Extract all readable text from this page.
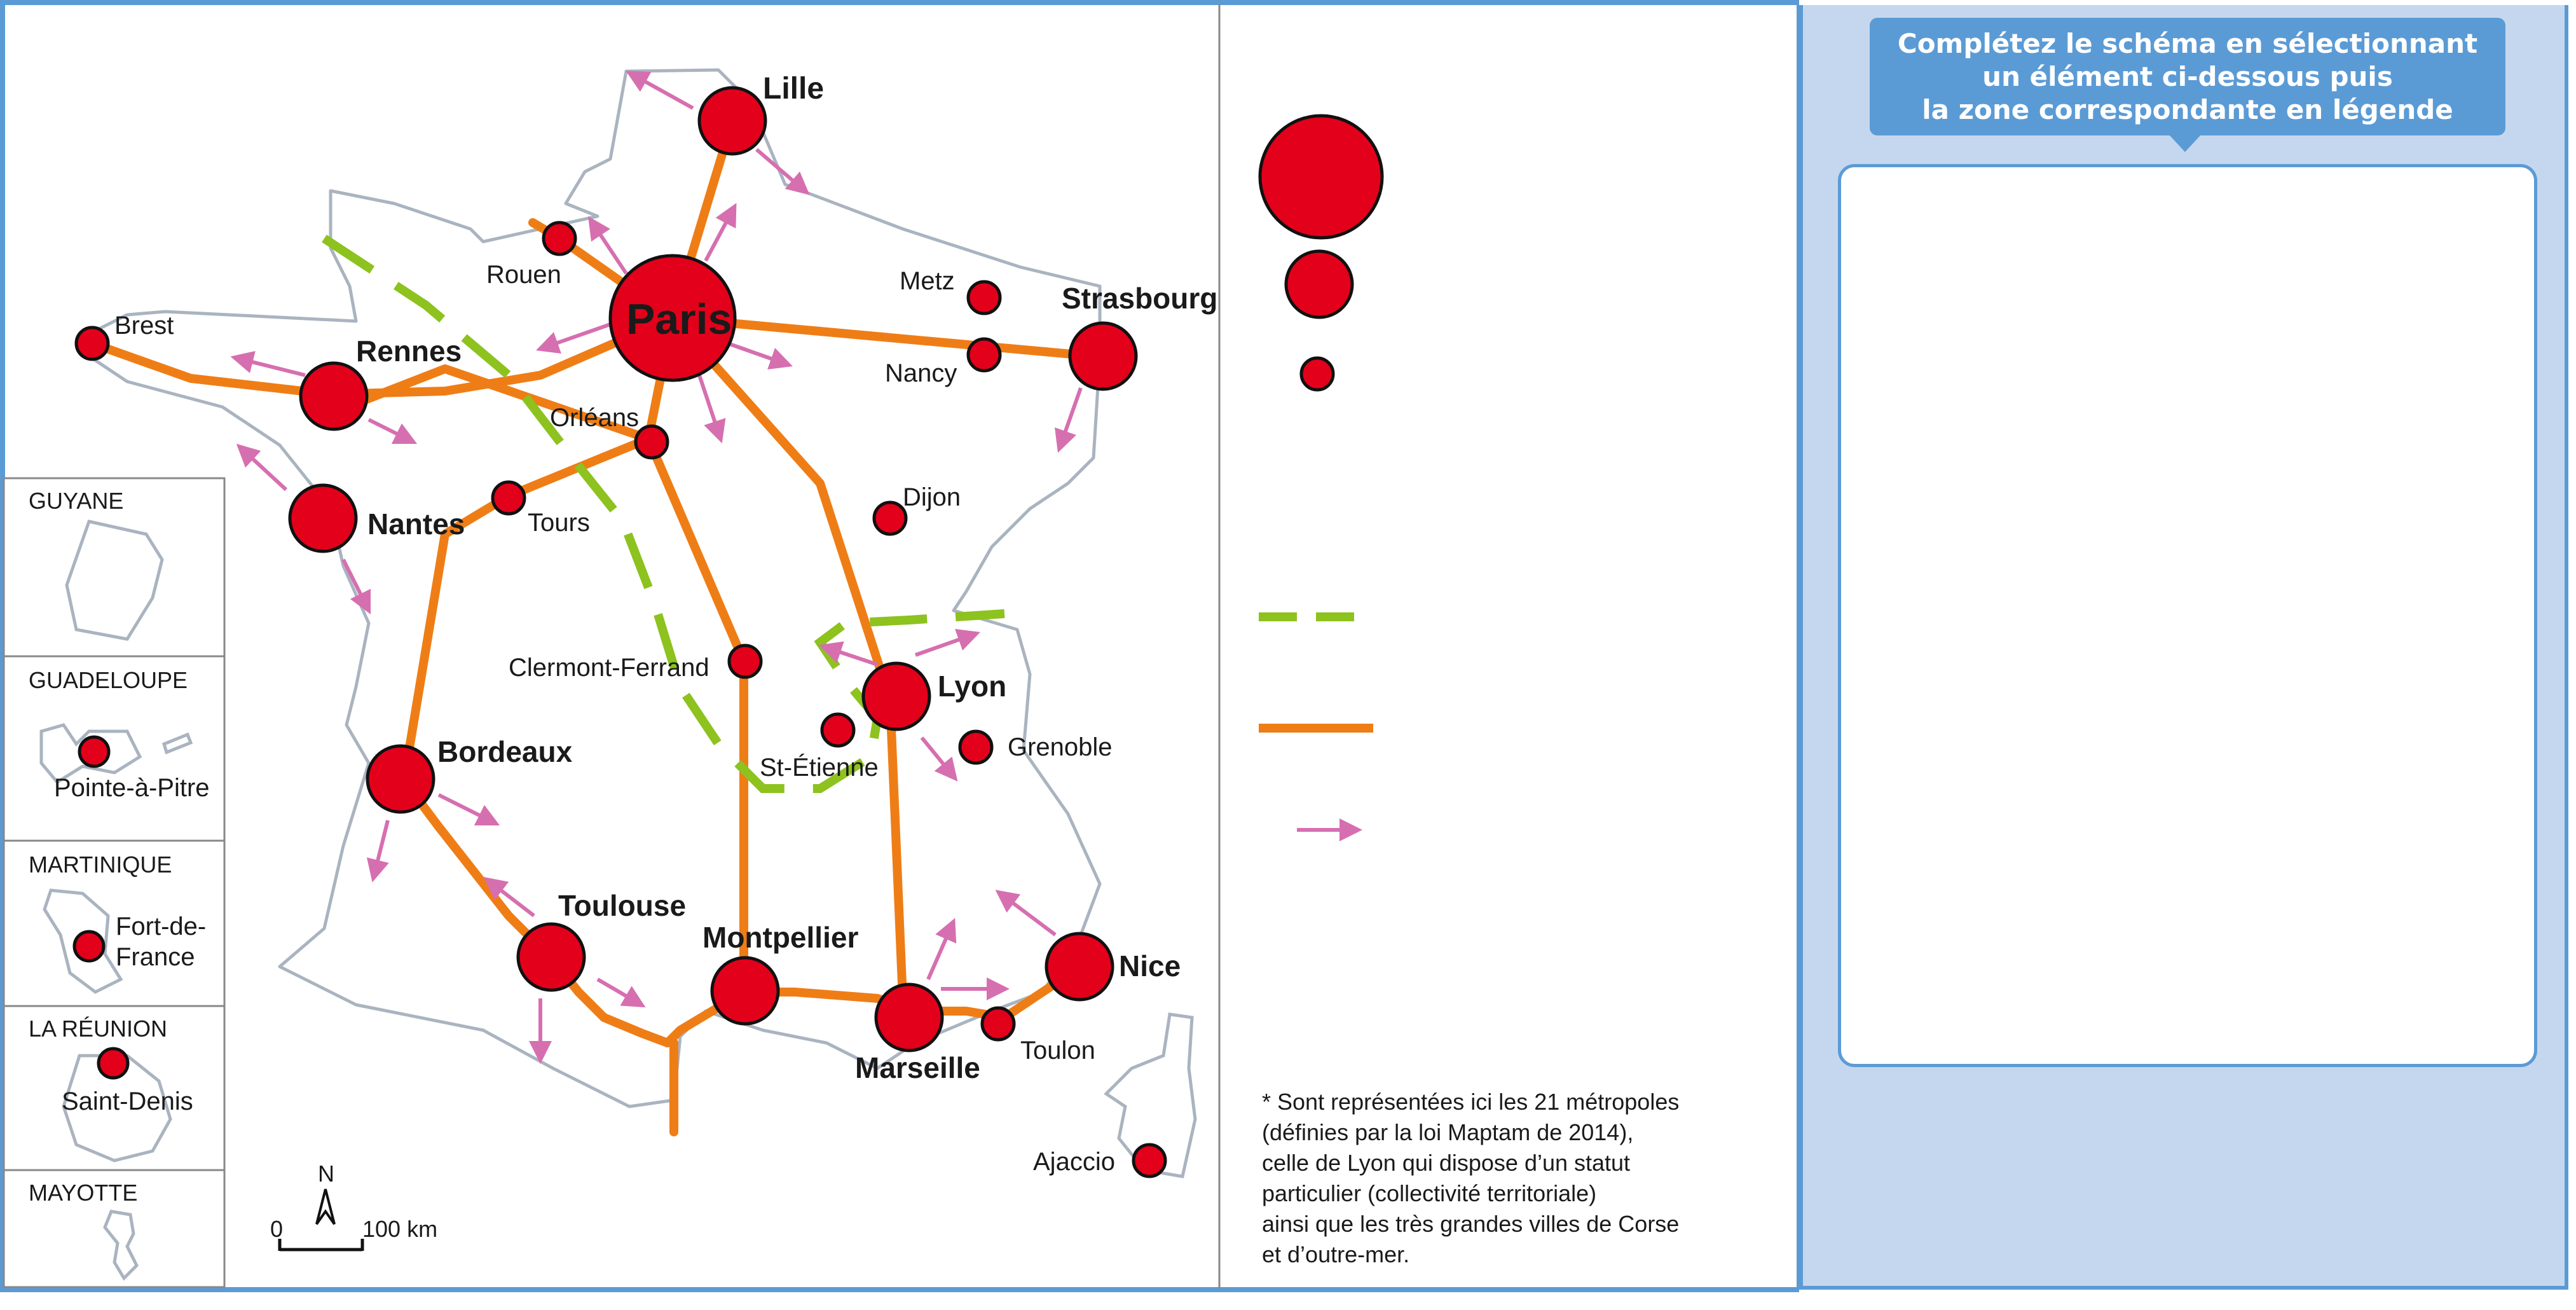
Lille
Paris
Rouen	Metz
Strasbourg
Nancy
Brest
Rennes
Orléans
Nantes Tours
Dijon
Clermont-Ferrand
Lyon
Grenoble
St-Étienne
Bordeaux
Toulouse
Montpellier
Nice
Marseille
Toulon
Ajaccio
GUYANE
GUADELOUPE
Pointe-à-Pitre
MARTINIQUE
Fort-de-
France
LA RÉUNION
Saint-Denis
MAYOTTE
N
0	100 km
* Sont représentées ici les 21 métropoles
(définies par la loi Maptam de 2014),
celle de Lyon qui dispose d’un statut
particulier (collectivité territoriale)
ainsi que les très grandes villes de Corse
et d’outre-mer.
Complétez le schéma en sélectionnant
un élément ci-dessous puis
la zone correspondante en légende
